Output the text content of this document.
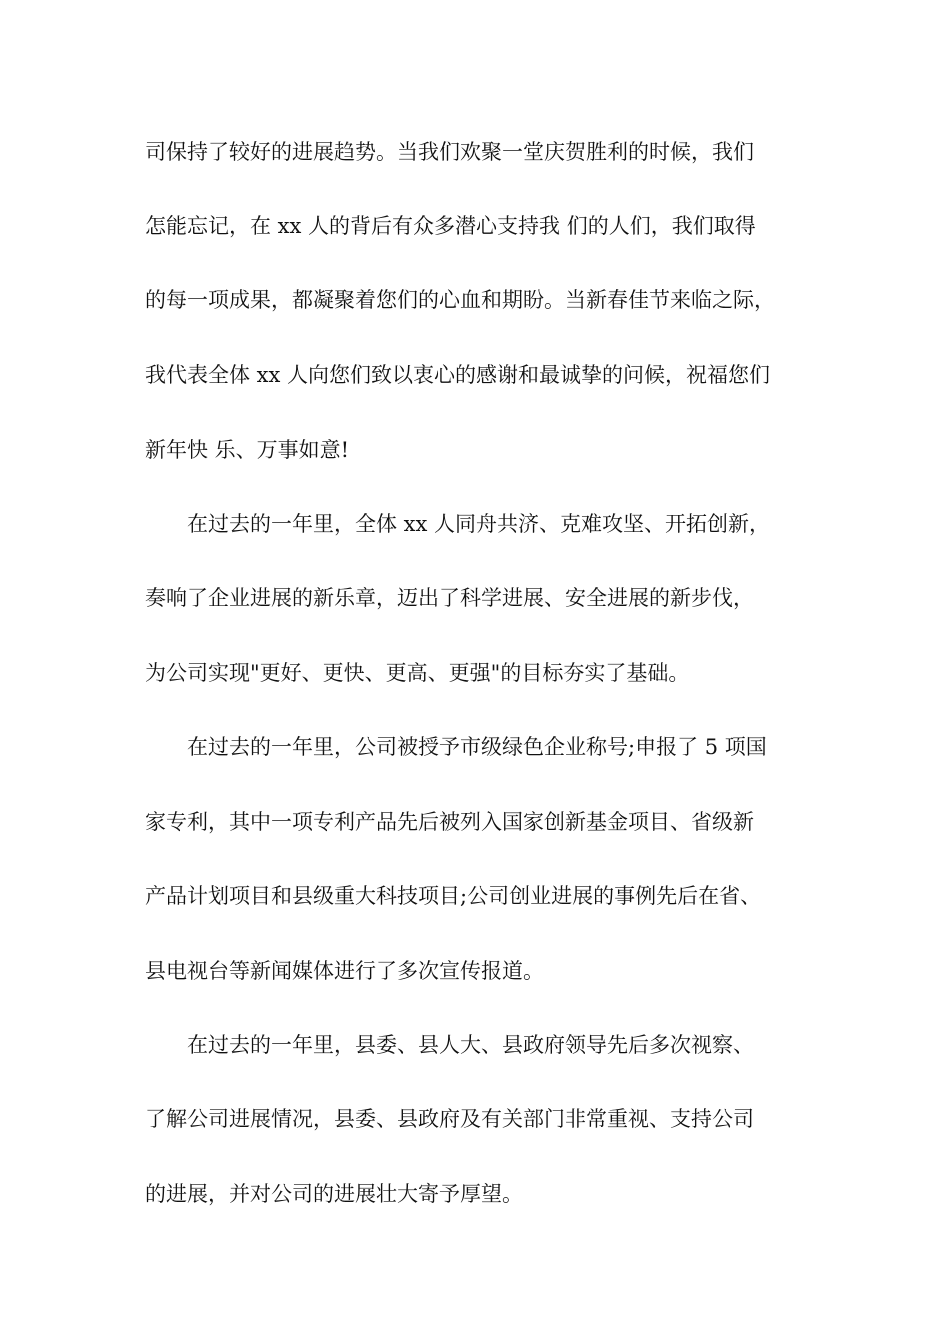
司保持了较好的进展趋势。当我们欢聚一堂庆贺胜利的时候，我们
怎能忘记，在 xx 人的背后有众多潜心支持我 们的人们，我们取得
的每一项成果，都凝聚着您们的心血和期盼。当新春佳节来临之际，
我代表全体 xx 人向您们致以衷心的感谢和最诚挚的问候，祝福您们
新年快 乐、万事如意!
在过去的一年里，全体 xx 人同舟共济、克难攻坚、开拓创新，
奏响了企业进展的新乐章，迈出了科学进展、安全进展的新步伐，
为公司实现"更好、更快、更高、更强"的目标夯实了基础。
在过去的一年里，公司被授予市级绿色企业称号;申报了 5 项国
家专利，其中一项专利产品先后被列入国家创新基金项目、省级新
产品计划项目和县级重大科技项目;公司创业进展的事例先后在省、
县电视台等新闻媒体进行了多次宣传报道。
在过去的一年里，县委、县人大、县政府领导先后多次视察、
了解公司进展情况，县委、县政府及有关部门非常重视、支持公司
的进展，并对公司的进展壮大寄予厚望。
